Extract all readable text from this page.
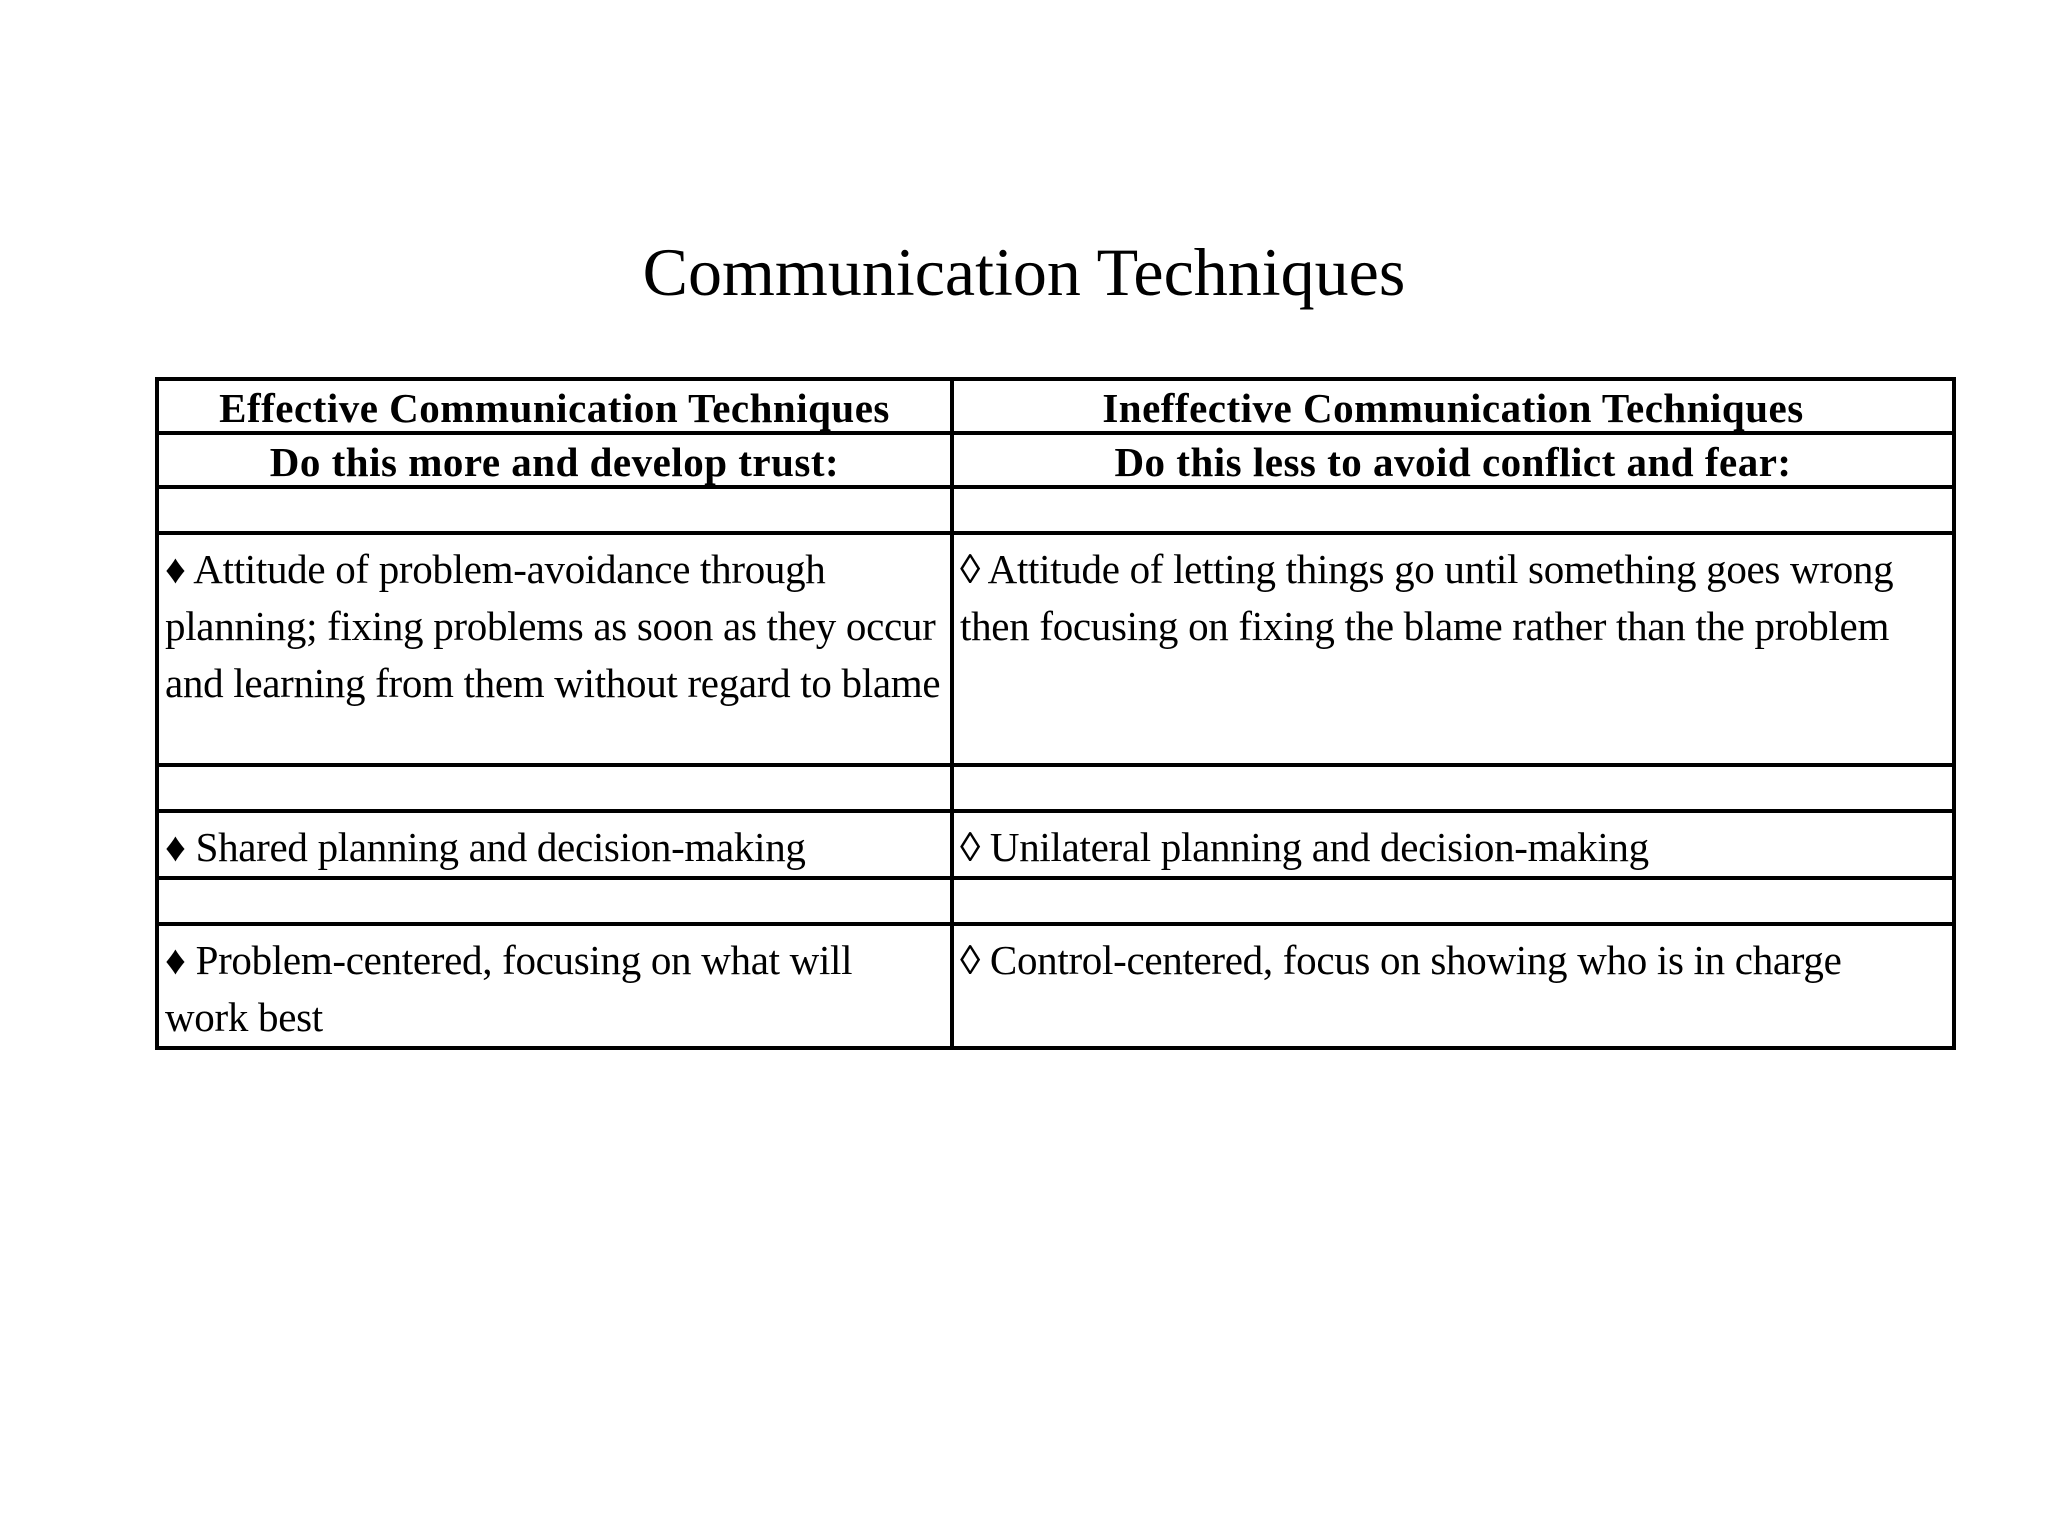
Communication Techniques
Effective Communication Techniques	Ineffective Communication Techniques
Do this more and develop trust:	Do this less to avoid conflict and fear:

♦ Attitude of problem-avoidance through planning; fixing problems as soon as they occur and learning from them without regard to blame	◊ Attitude of letting things go until something goes wrong then focusing on fixing the blame rather than the problem

♦ Shared planning and decision-making	◊ Unilateral planning and decision-making

♦ Problem-centered, focusing on what will work best	◊ Control-centered, focus on showing who is in charge
